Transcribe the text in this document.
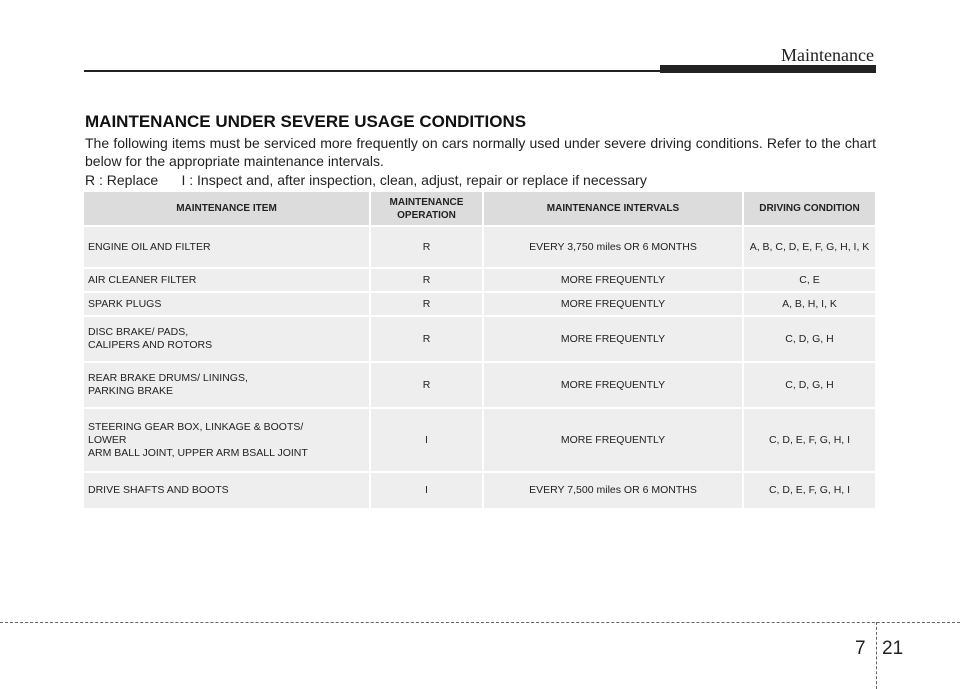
Maintenance
MAINTENANCE UNDER SEVERE USAGE CONDITIONS

The following items must be serviced more frequently on cars normally used under severe driving conditions. Refer to the chart below for the appropriate maintenance intervals.

R : Replace      I : Inspect and, after inspection, clean, adjust, repair or replace if necessary

MAINTENANCE ITEM	MAINTENANCE OPERATION	MAINTENANCE INTERVALS	DRIVING CONDITION
ENGINE OIL AND FILTER	R	EVERY 3,750 miles OR 6 MONTHS	A, B, C, D, E, F, G, H, I, K
AIR CLEANER FILTER	R	MORE FREQUENTLY	C, E
SPARK PLUGS	R	MORE FREQUENTLY	A, B, H, I, K
DISC BRAKE/ PADS,
CALIPERS AND ROTORS	R	MORE FREQUENTLY	C, D, G, H
REAR BRAKE DRUMS/ LININGS,
PARKING BRAKE	R	MORE FREQUENTLY	C, D, G, H
STEERING GEAR BOX, LINKAGE & BOOTS/
LOWER
ARM BALL JOINT, UPPER ARM BSALL JOINT	I	MORE FREQUENTLY	C, D, E, F, G, H, I
DRIVE SHAFTS AND BOOTS	I	EVERY 7,500 miles OR 6 MONTHS	C, D, E, F, G, H, I
7 21
